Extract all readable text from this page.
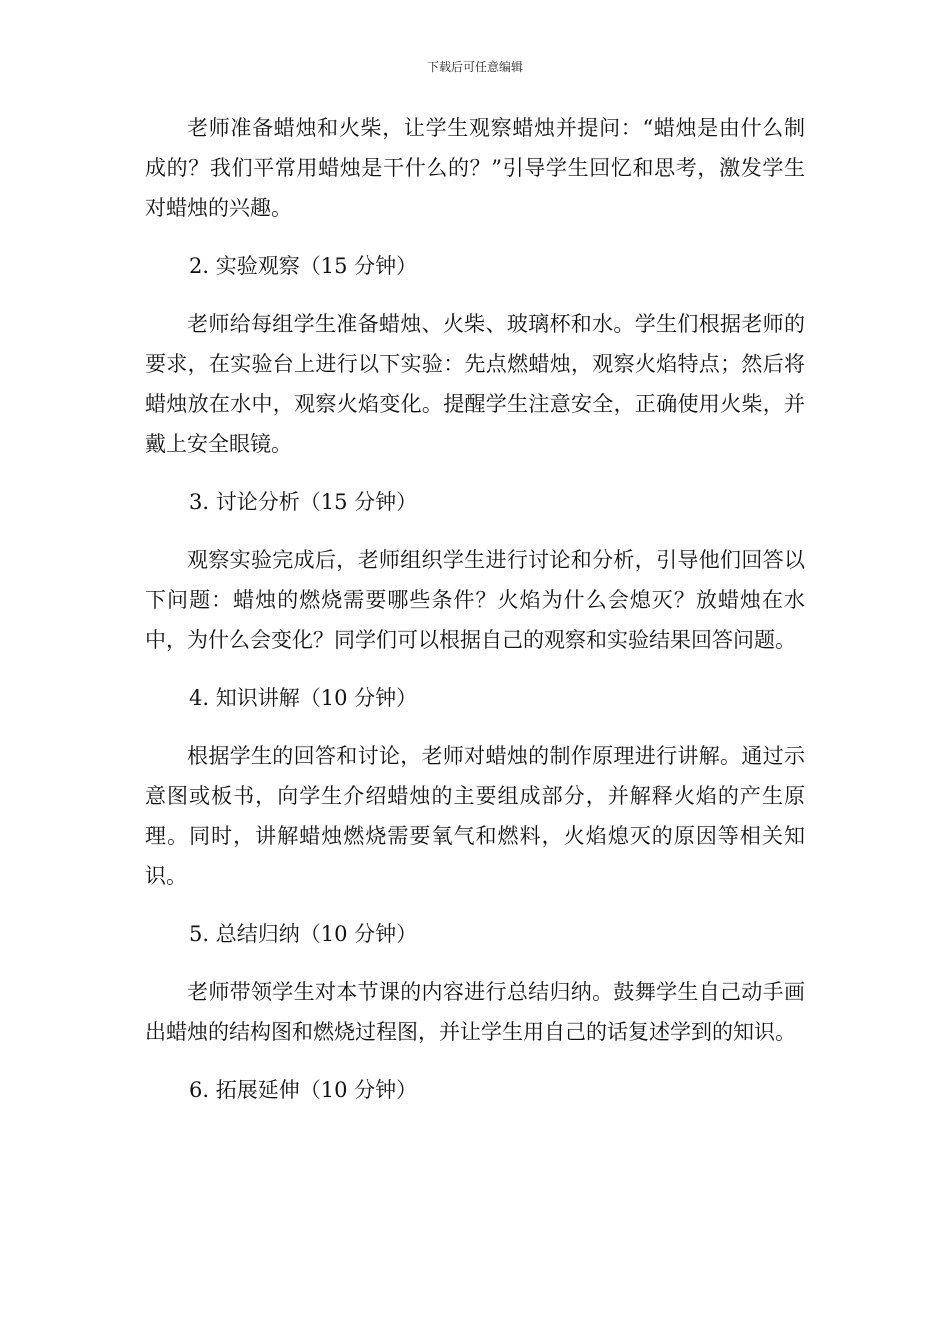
下载后可任意编辑

老师准备蜡烛和火柴，让学生观察蜡烛并提问：“蜡烛是由什么制成的？我们平常用蜡烛是干什么的？”引导学生回忆和思考，激发学生对蜡烛的兴趣。

2. 实验观察（15 分钟）

老师给每组学生准备蜡烛、火柴、玻璃杯和水。学生们根据老师的要求，在实验台上进行以下实验：先点燃蜡烛，观察火焰特点；然后将蜡烛放在水中，观察火焰变化。提醒学生注意安全，正确使用火柴，并戴上安全眼镜。

3. 讨论分析（15 分钟）

观察实验完成后，老师组织学生进行讨论和分析，引导他们回答以下问题：蜡烛的燃烧需要哪些条件？火焰为什么会熄灭？放蜡烛在水中，为什么会变化？同学们可以根据自己的观察和实验结果回答问题。

4. 知识讲解（10 分钟）

根据学生的回答和讨论，老师对蜡烛的制作原理进行讲解。通过示意图或板书，向学生介绍蜡烛的主要组成部分，并解释火焰的产生原理。同时，讲解蜡烛燃烧需要氧气和燃料，火焰熄灭的原因等相关知识。

5. 总结归纳（10 分钟）

老师带领学生对本节课的内容进行总结归纳。鼓舞学生自己动手画出蜡烛的结构图和燃烧过程图，并让学生用自己的话复述学到的知识。

6. 拓展延伸（10 分钟）
